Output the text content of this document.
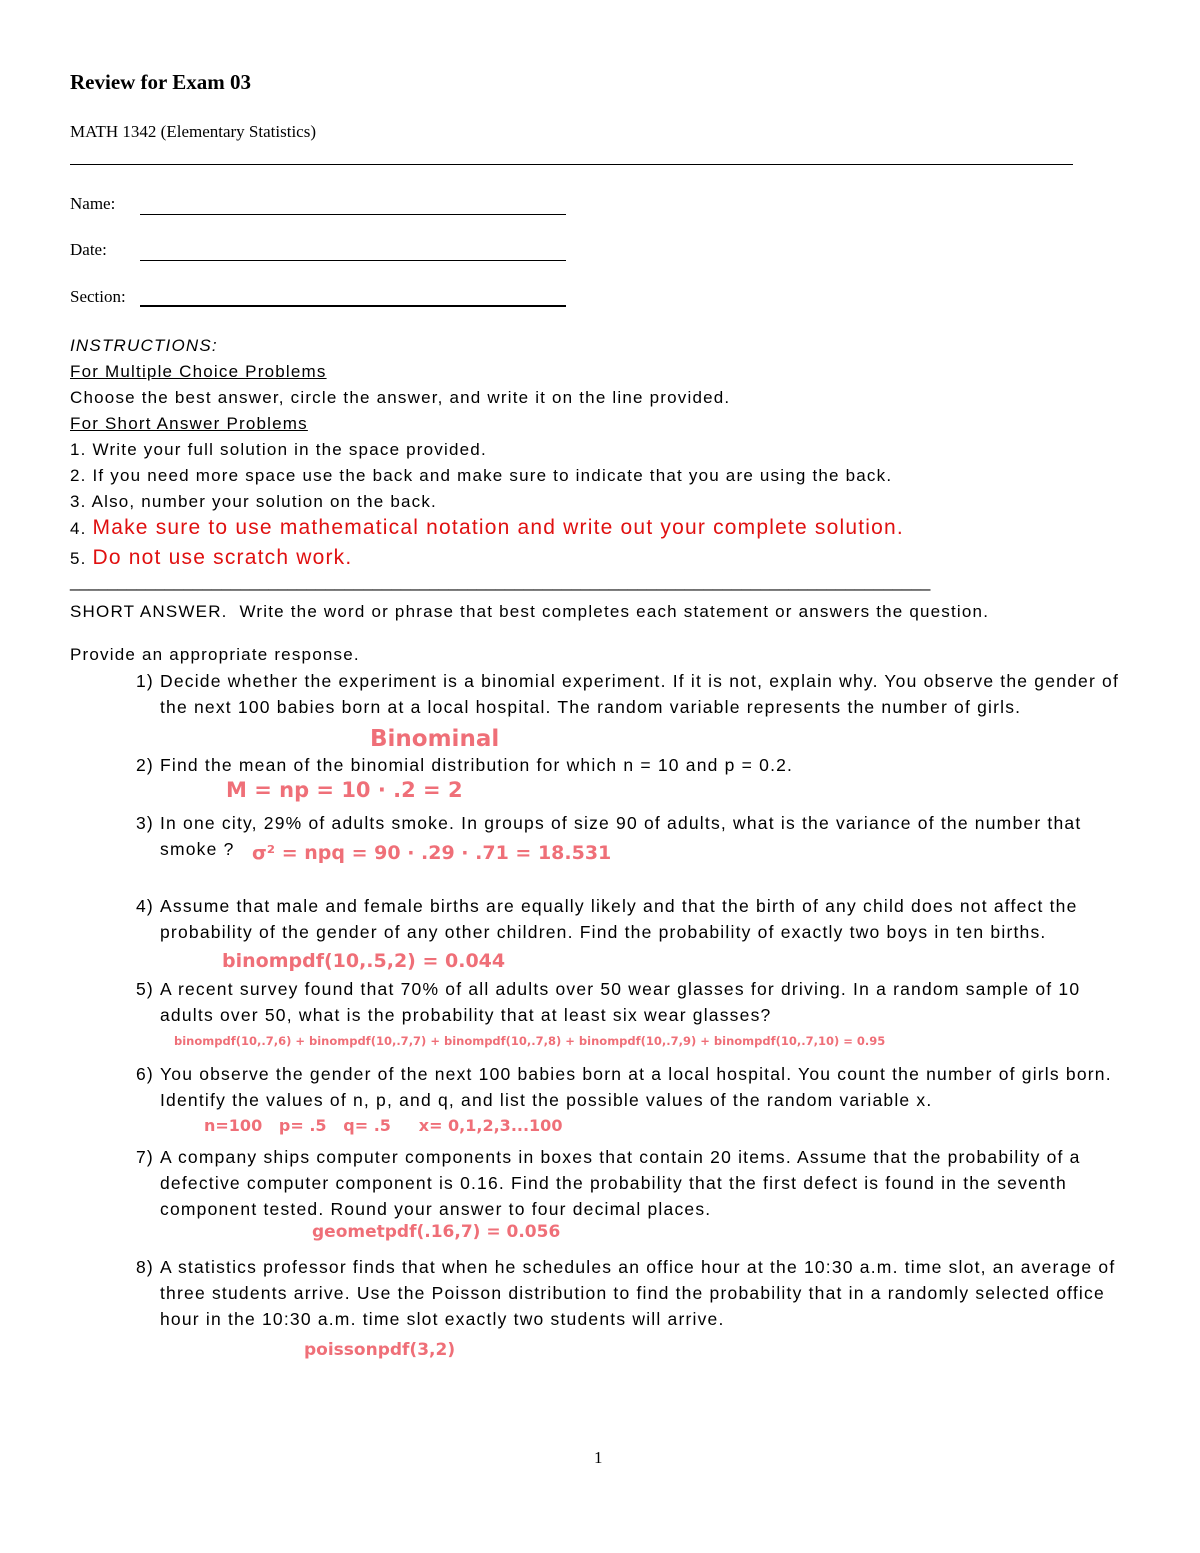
Review for Exam 03
MATH 1342 (Elementary Statistics)
Name:
Date:
Section:
INSTRUCTIONS:
For Multiple Choice Problems
Choose the best answer, circle the answer, and write it on the line provided.
For Short Answer Problems
1. Write your full solution in the space provided.
2. If you need more space use the back and make sure to indicate that you are using the back.
3. Also, number your solution on the back.
4. Make sure to use mathematical notation and write out your complete solution.
5. Do not use scratch work.
___________________________________________________________________________________________
SHORT ANSWER. Write the word or phrase that best completes each statement or answers the question.
Provide an appropriate response.
1) Decide whether the experiment is a binomial experiment. If it is not, explain why. You observe the gender of
the next 100 babies born at a local hospital. The random variable represents the number of girls.
Binominal
2) Find the mean of the binomial distribution for which n = 10 and p = 0.2.
M = np = 10 · .2 = 2
3) In one city, 29% of adults smoke. In groups of size 90 of adults, what is the variance of the number that
smoke ? σ² = npq = 90 · .29 · .71 = 18.531
4) Assume that male and female births are equally likely and that the birth of any child does not affect the
probability of the gender of any other children. Find the probability of exactly two boys in ten births.
binompdf(10,.5,2) = 0.044
5) A recent survey found that 70% of all adults over 50 wear glasses for driving. In a random sample of 10
adults over 50, what is the probability that at least six wear glasses?
binompdf(10,.7,6) + binompdf(10,.7,7) + binompdf(10,.7,8) + binompdf(10,.7,9) + binompdf(10,.7,10) = 0.95
6) You observe the gender of the next 100 babies born at a local hospital. You count the number of girls born.
Identify the values of n, p, and q, and list the possible values of the random variable x.
n=100   p= .5   q= .5     x= 0,1,2,3...100
7) A company ships computer components in boxes that contain 20 items. Assume that the probability of a
defective computer component is 0.16. Find the probability that the first defect is found in the seventh
component tested. Round your answer to four decimal places.
geometpdf(.16,7) = 0.056
8) A statistics professor finds that when he schedules an office hour at the 10:30 a.m. time slot, an average of
three students arrive. Use the Poisson distribution to find the probability that in a randomly selected office
hour in the 10:30 a.m. time slot exactly two students will arrive.
poissonpdf(3,2)
1
